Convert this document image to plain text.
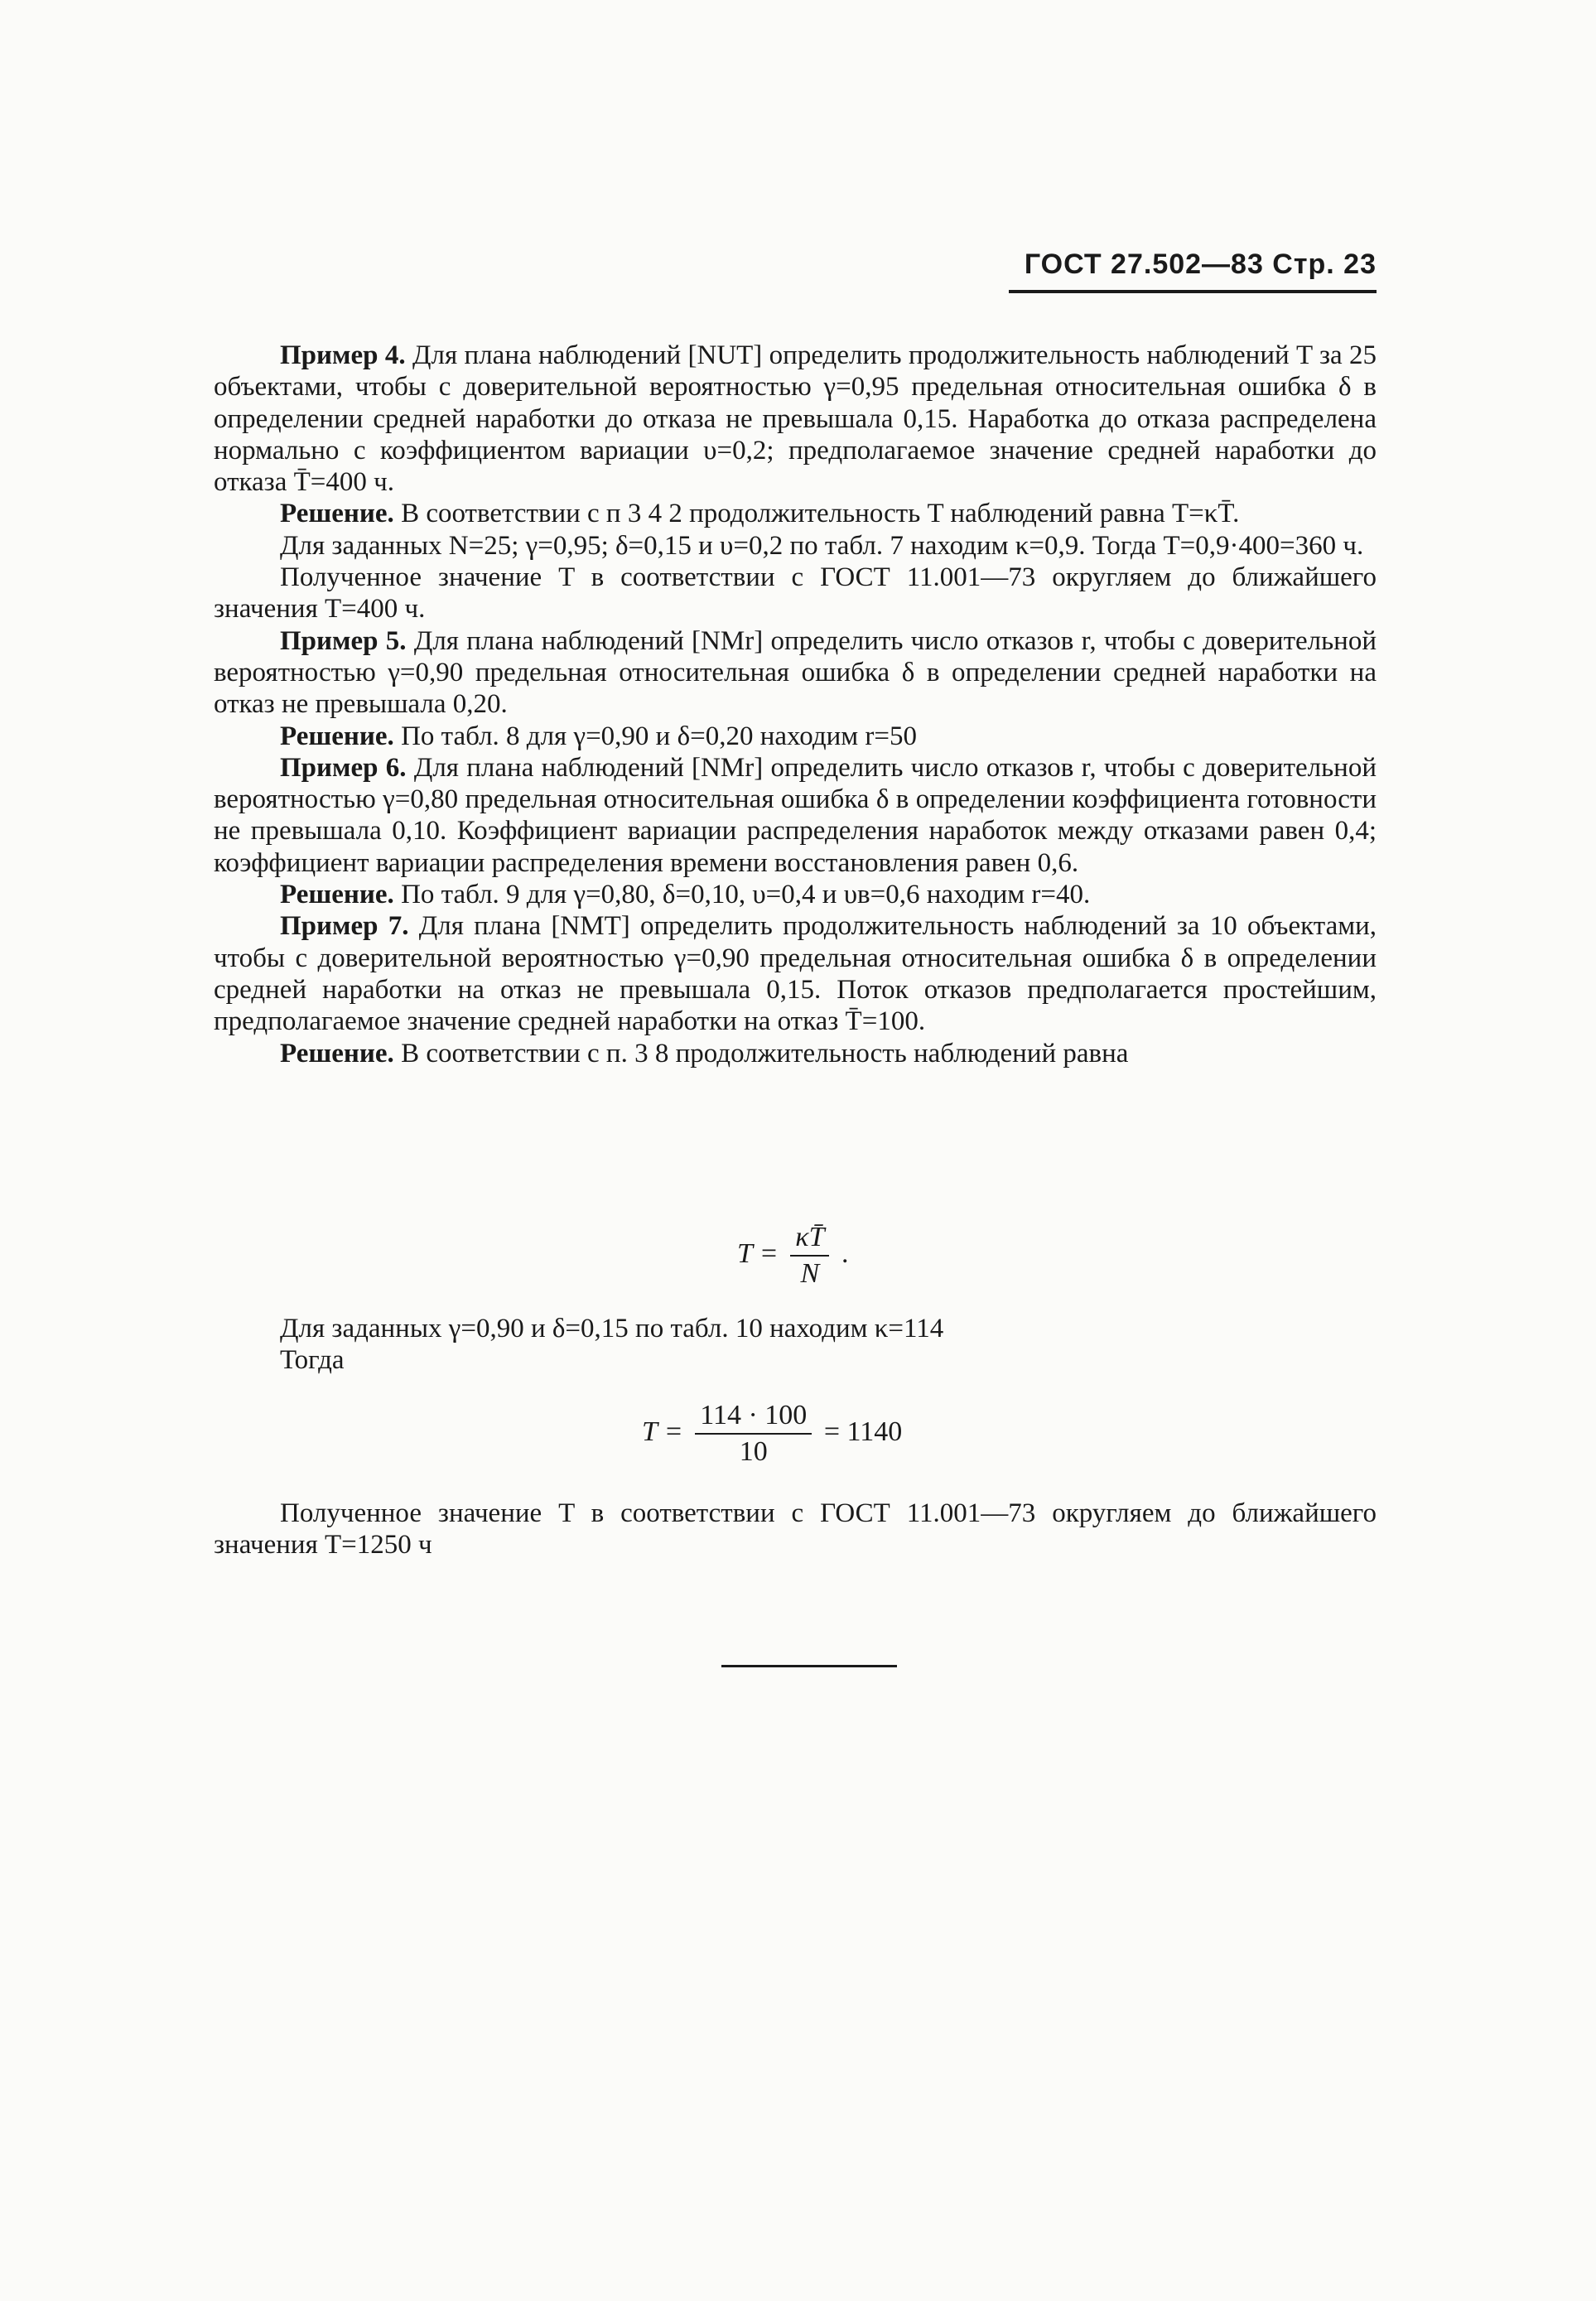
ГОСТ 27.502—83 Стр. 23

Пример 4. Для плана наблюдений [NUT] определить продолжительность наблюдений T за 25 объектами, чтобы с доверительной вероятностью γ=0,95 предельная относительная ошибка δ в определении средней наработки до отказа не превышала 0,15. Наработка до отказа распределена нормально с коэффициентом вариации υ=0,2; предполагаемое значение средней наработки до отказа T̄=400 ч.

Решение. В соответствии с п 3 4 2 продолжительность T наблюдений равна T=κT̄.

Для заданных N=25; γ=0,95; δ=0,15 и υ=0,2 по табл. 7 находим κ=0,9. Тогда T=0,9·400=360 ч.

Полученное значение T в соответствии с ГОСТ 11.001—73 округляем до ближайшего значения T=400 ч.

Пример 5. Для плана наблюдений [NMr] определить число отказов r, чтобы с доверительной вероятностью γ=0,90 предельная относительная ошибка δ в определении средней наработки на отказ не превышала 0,20.

Решение. По табл. 8 для γ=0,90 и δ=0,20 находим r=50

Пример 6. Для плана наблюдений [NMr] определить число отказов r, чтобы с доверительной вероятностью γ=0,80 предельная относительная ошибка δ в определении коэффициента готовности не превышала 0,10. Коэффициент вариации распределения наработок между отказами равен 0,4; коэффициент вариации распределения времени восстановления равен 0,6.

Решение. По табл. 9 для γ=0,80, δ=0,10, υ=0,4 и υв=0,6 находим r=40.

Пример 7. Для плана [NMT] определить продолжительность наблюдений за 10 объектами, чтобы с доверительной вероятностью γ=0,90 предельная относительная ошибка δ в определении средней наработки на отказ не превышала 0,15. Поток отказов предполагается простейшим, предполагаемое значение средней наработки на отказ T̄=100.

Решение. В соответствии с п. 3 8 продолжительность наблюдений равна

$T = \frac{\kappa T̄}{N}$ .

Для заданных γ=0,90 и δ=0,15 по табл. 10 находим κ=114

Тогда

$T = \frac{114 \cdot 100}{10} = 1140$

Полученное значение T в соответствии с ГОСТ 11.001—73 округляем до ближайшего значения T=1250 ч
